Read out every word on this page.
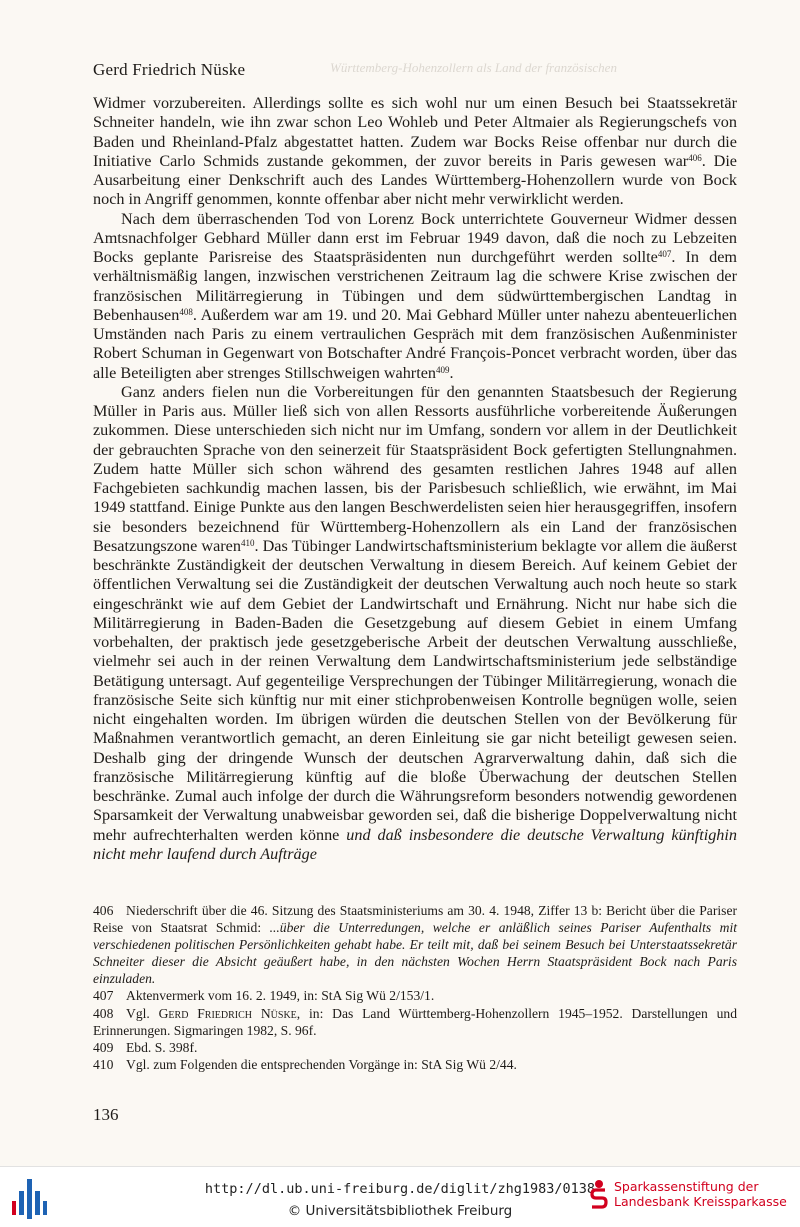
Gerd Friedrich Nüske	Württemberg-Hohenzollern als Land der französischen

Widmer vorzubereiten. Allerdings sollte es sich wohl nur um einen Besuch bei Staatssekretär Schneiter handeln, wie ihn zwar schon Leo Wohleb und Peter Altmaier als Regierungschefs von Baden und Rheinland-Pfalz abgestattet hatten. Zudem war Bocks Reise offenbar nur durch die Initiative Carlo Schmids zustande gekommen, der zuvor bereits in Paris gewesen war$^{406}$. Die Ausarbeitung einer Denkschrift auch des Landes Württemberg-Hohenzollern wurde von Bock noch in Angriff genommen, konnte offenbar aber nicht mehr verwirklicht werden.

Nach dem überraschenden Tod von Lorenz Bock unterrichtete Gouverneur Widmer dessen Amtsnachfolger Gebhard Müller dann erst im Februar 1949 davon, daß die noch zu Lebzeiten Bocks geplante Parisreise des Staatspräsidenten nun durchgeführt werden sollte$^{407}$. In dem verhältnismäßig langen, inzwischen verstrichenen Zeitraum lag die schwere Krise zwischen der französischen Militärregierung in Tübingen und dem südwürttembergischen Landtag in Bebenhausen$^{408}$. Außerdem war am 19. und 20. Mai Gebhard Müller unter nahezu abenteuerlichen Umständen nach Paris zu einem vertraulichen Gespräch mit dem französischen Außenminister Robert Schuman in Gegenwart von Botschafter André François-Poncet verbracht worden, über das alle Beteiligten aber strenges Stillschweigen wahrten$^{409}$.

Ganz anders fielen nun die Vorbereitungen für den genannten Staatsbesuch der Regierung Müller in Paris aus. Müller ließ sich von allen Ressorts ausführliche vorbereitende Äußerungen zukommen. Diese unterschieden sich nicht nur im Umfang, sondern vor allem in der Deutlichkeit der gebrauchten Sprache von den seinerzeit für Staatspräsident Bock gefertigten Stellungnahmen. Zudem hatte Müller sich schon während des gesamten restlichen Jahres 1948 auf allen Fachgebieten sachkundig machen lassen, bis der Parisbesuch schließlich, wie erwähnt, im Mai 1949 stattfand. Einige Punkte aus den langen Beschwerdelisten seien hier herausgegriffen, insofern sie besonders bezeichnend für Württemberg-Hohenzollern als ein Land der französischen Besatzungszone waren$^{410}$. Das Tübinger Landwirtschaftsministerium beklagte vor allem die äußerst beschränkte Zuständigkeit der deutschen Verwaltung in diesem Bereich. Auf keinem Gebiet der öffentlichen Verwaltung sei die Zuständigkeit der deutschen Verwaltung auch noch heute so stark eingeschränkt wie auf dem Gebiet der Landwirtschaft und Ernährung. Nicht nur habe sich die Militärregierung in Baden-Baden die Gesetzgebung auf diesem Gebiet in einem Umfang vorbehalten, der praktisch jede gesetzgeberische Arbeit der deutschen Verwaltung ausschließe, vielmehr sei auch in der reinen Verwaltung dem Landwirtschaftsministerium jede selbständige Betätigung untersagt. Auf gegenteilige Versprechungen der Tübinger Militärregierung, wonach die französische Seite sich künftig nur mit einer stichprobenweisen Kontrolle begnügen wolle, seien nicht eingehalten worden. Im übrigen würden die deutschen Stellen von der Bevölkerung für Maßnahmen verantwortlich gemacht, an deren Einleitung sie gar nicht beteiligt gewesen seien. Deshalb ging der dringende Wunsch der deutschen Agrarverwaltung dahin, daß sich die französische Militärregierung künftig auf die bloße Überwachung der deutschen Stellen beschränke. Zumal auch infolge der durch die Währungsreform besonders notwendig gewordenen Sparsamkeit der Verwaltung unabweisbar geworden sei, daß die bisherige Doppelverwaltung nicht mehr aufrechterhalten werden könne und daß insbesondere die deutsche Verwaltung künftighin nicht mehr laufend durch Aufträge

406 Niederschrift über die 46. Sitzung des Staatsministeriums am 30. 4. 1948, Ziffer 13 b: Bericht über die Pariser Reise von Staatsrat Schmid: ...über die Unterredungen, welche er anläßlich seines Pariser Aufenthalts mit verschiedenen politischen Persönlichkeiten gehabt habe. Er teilt mit, daß bei seinem Besuch bei Unterstaatssekretär Schneiter dieser die Absicht geäußert habe, in den nächsten Wochen Herrn Staatspräsident Bock nach Paris einzuladen.

407 Aktenvermerk vom 16. 2. 1949, in: StA Sig Wü 2/153/1.

408 Vgl. Gerd Friedrich Nüske, in: Das Land Württemberg-Hohenzollern 1945–1952. Darstellungen und Erinnerungen. Sigmaringen 1982, S. 96f.

409 Ebd. S. 398f.

410 Vgl. zum Folgenden die entsprechenden Vorgänge in: StA Sig Wü 2/44.

136
http://dl.ub.uni-freiburg.de/diglit/zhg1983/0138
© Universitätsbibliothek Freiburg
Sparkassenstiftung der
Landesbank Kreissparkasse
